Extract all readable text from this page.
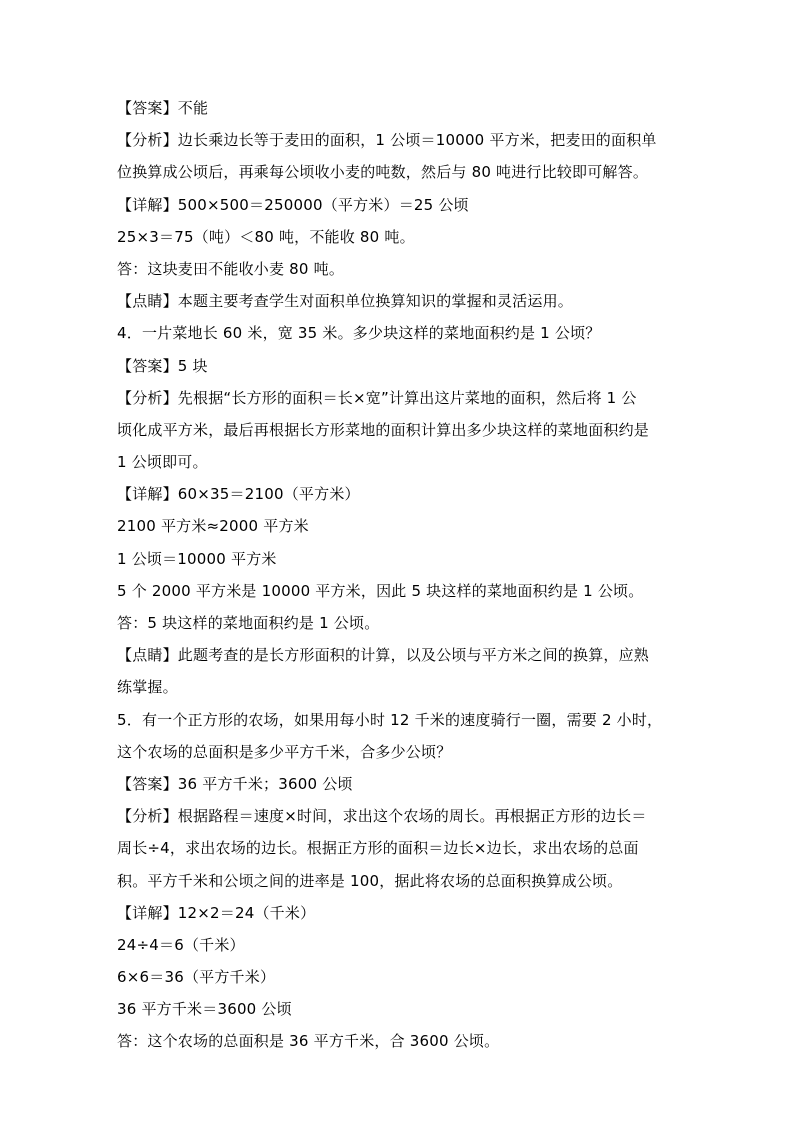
【答案】不能
【分析】边长乘边长等于麦田的面积，1 公顷＝10000 平方米，把麦田的面积单
位换算成公顷后，再乘每公顷收小麦的吨数，然后与 80 吨进行比较即可解答。
【详解】500×500＝250000（平方米）＝25 公顷
25×3＝75（吨）＜80 吨，不能收 80 吨。
答：这块麦田不能收小麦 80 吨。
【点睛】本题主要考查学生对面积单位换算知识的掌握和灵活运用。
4．一片菜地长 60 米，宽 35 米。多少块这样的菜地面积约是 1 公顷？
【答案】5 块
【分析】先根据“长方形的面积＝长×宽”计算出这片菜地的面积，然后将 1 公
顷化成平方米，最后再根据长方形菜地的面积计算出多少块这样的菜地面积约是
1 公顷即可。
【详解】60×35＝2100（平方米）
2100 平方米≈2000 平方米
1 公顷＝10000 平方米
5 个 2000 平方米是 10000 平方米，因此 5 块这样的菜地面积约是 1 公顷。
答：5 块这样的菜地面积约是 1 公顷。
【点睛】此题考查的是长方形面积的计算，以及公顷与平方米之间的换算，应熟
练掌握。
5．有一个正方形的农场，如果用每小时 12 千米的速度骑行一圈，需要 2 小时，
这个农场的总面积是多少平方千米，合多少公顷？
【答案】36 平方千米；3600 公顷
【分析】根据路程＝速度×时间，求出这个农场的周长。再根据正方形的边长＝
周长÷4，求出农场的边长。根据正方形的面积＝边长×边长，求出农场的总面
积。平方千米和公顷之间的进率是 100，据此将农场的总面积换算成公顷。
【详解】12×2＝24（千米）
24÷4＝6（千米）
6×6＝36（平方千米）
36 平方千米＝3600 公顷
答：这个农场的总面积是 36 平方千米，合 3600 公顷。
